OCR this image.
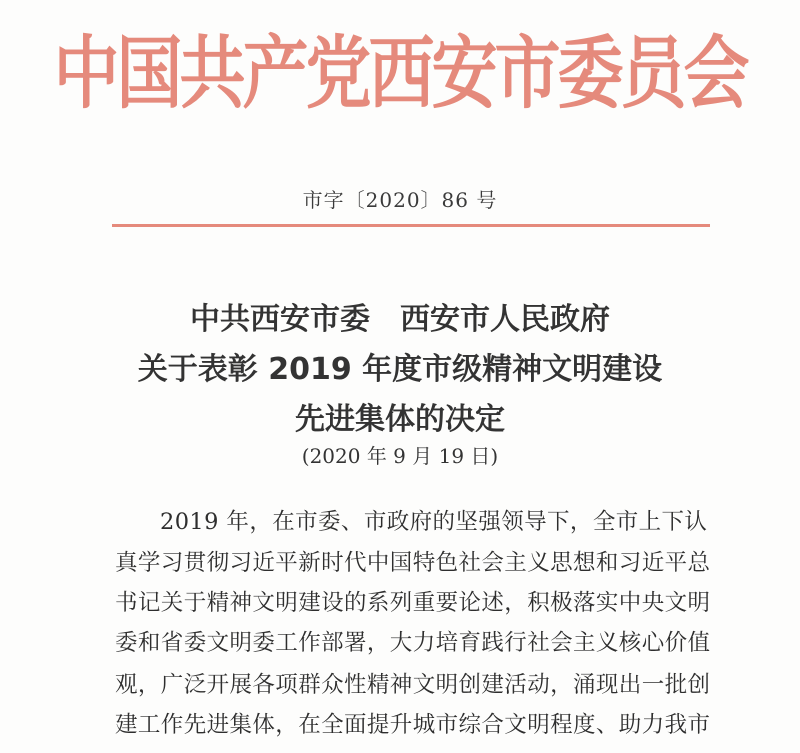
中国共产党西安市委员会
市字〔2020〕86 号
中共西安市委　西安市人民政府
关于表彰 2019 年度市级精神文明建设
先进集体的决定
(2020 年 9 月 19 日)
2019 年，在市委、市政府的坚强领导下，全市上下认
真学习贯彻习近平新时代中国特色社会主义思想和习近平总
书记关于精神文明建设的系列重要论述，积极落实中央文明
委和省委文明委工作部署，大力培育践行社会主义核心价值
观，广泛开展各项群众性精神文明创建活动，涌现出一批创
建工作先进集体，在全面提升城市综合文明程度、助力我市
